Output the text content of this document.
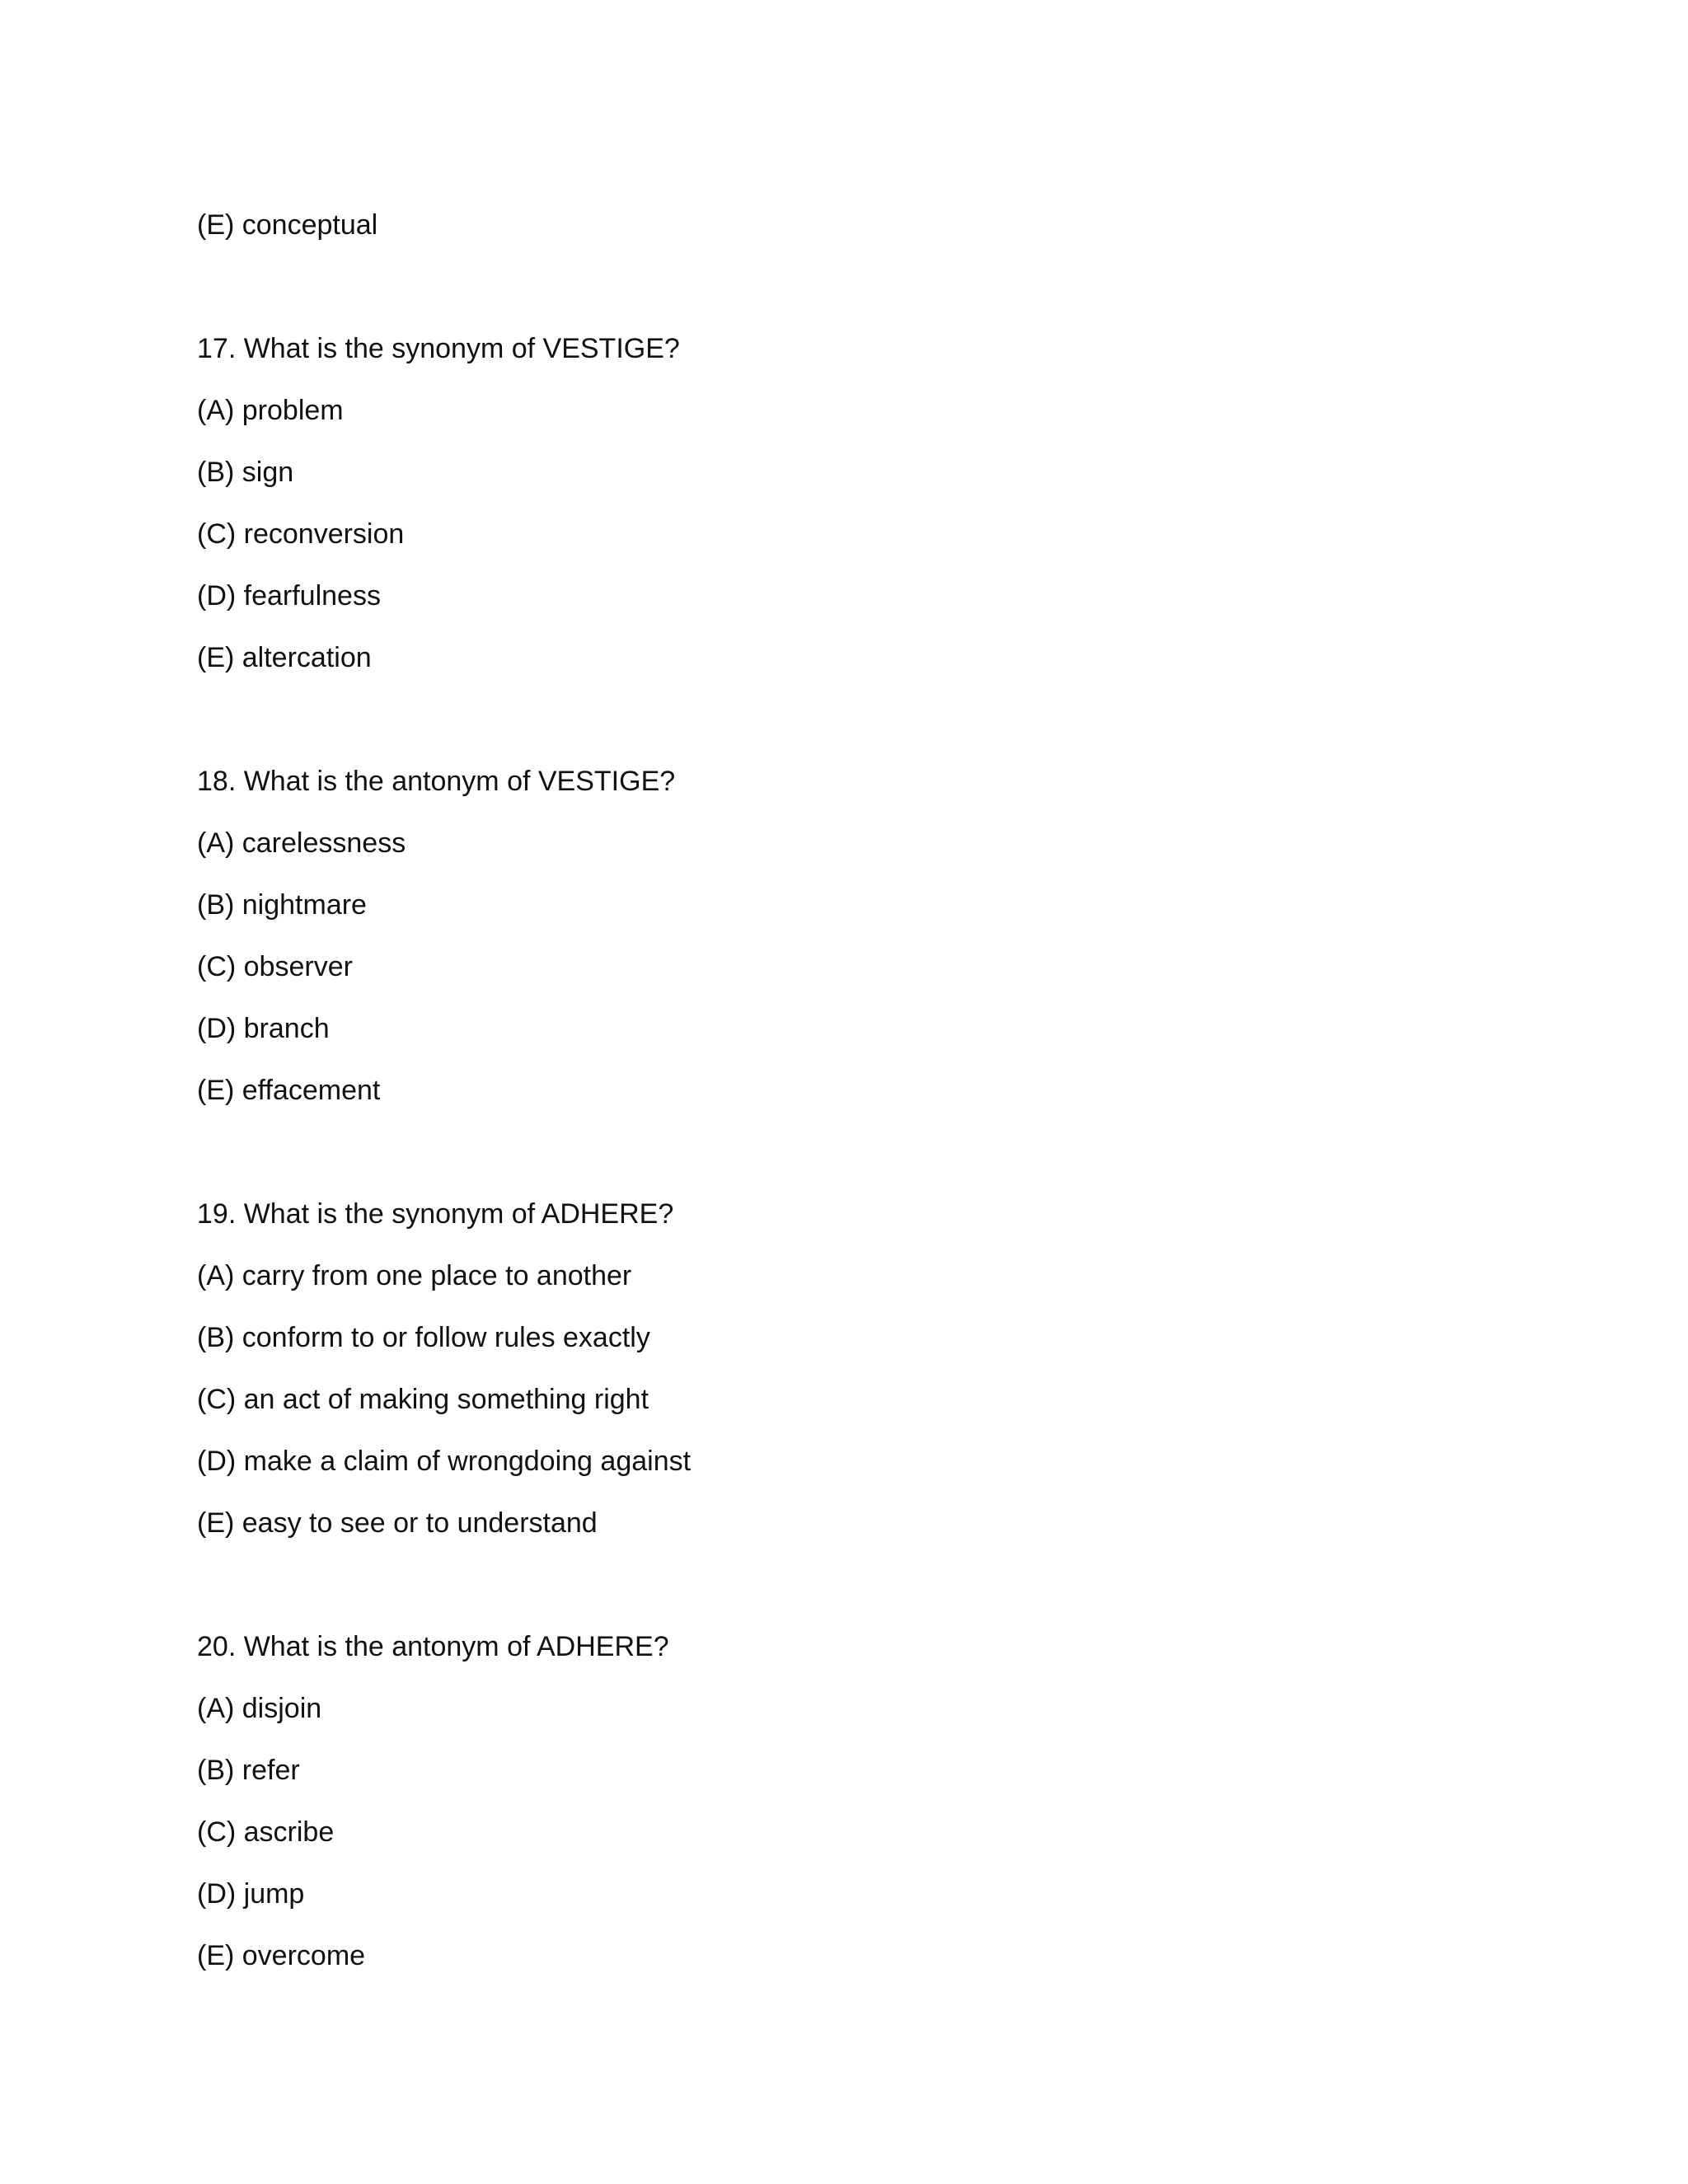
(E) conceptual

17. What is the synonym of VESTIGE?

(A) problem

(B) sign

(C) reconversion

(D) fearfulness

(E) altercation

18. What is the antonym of VESTIGE?

(A) carelessness

(B) nightmare

(C) observer

(D) branch

(E) effacement

19. What is the synonym of ADHERE?

(A) carry from one place to another

(B) conform to or follow rules exactly

(C) an act of making something right

(D) make a claim of wrongdoing against

(E) easy to see or to understand

20. What is the antonym of ADHERE?

(A) disjoin

(B) refer

(C) ascribe

(D) jump

(E) overcome
